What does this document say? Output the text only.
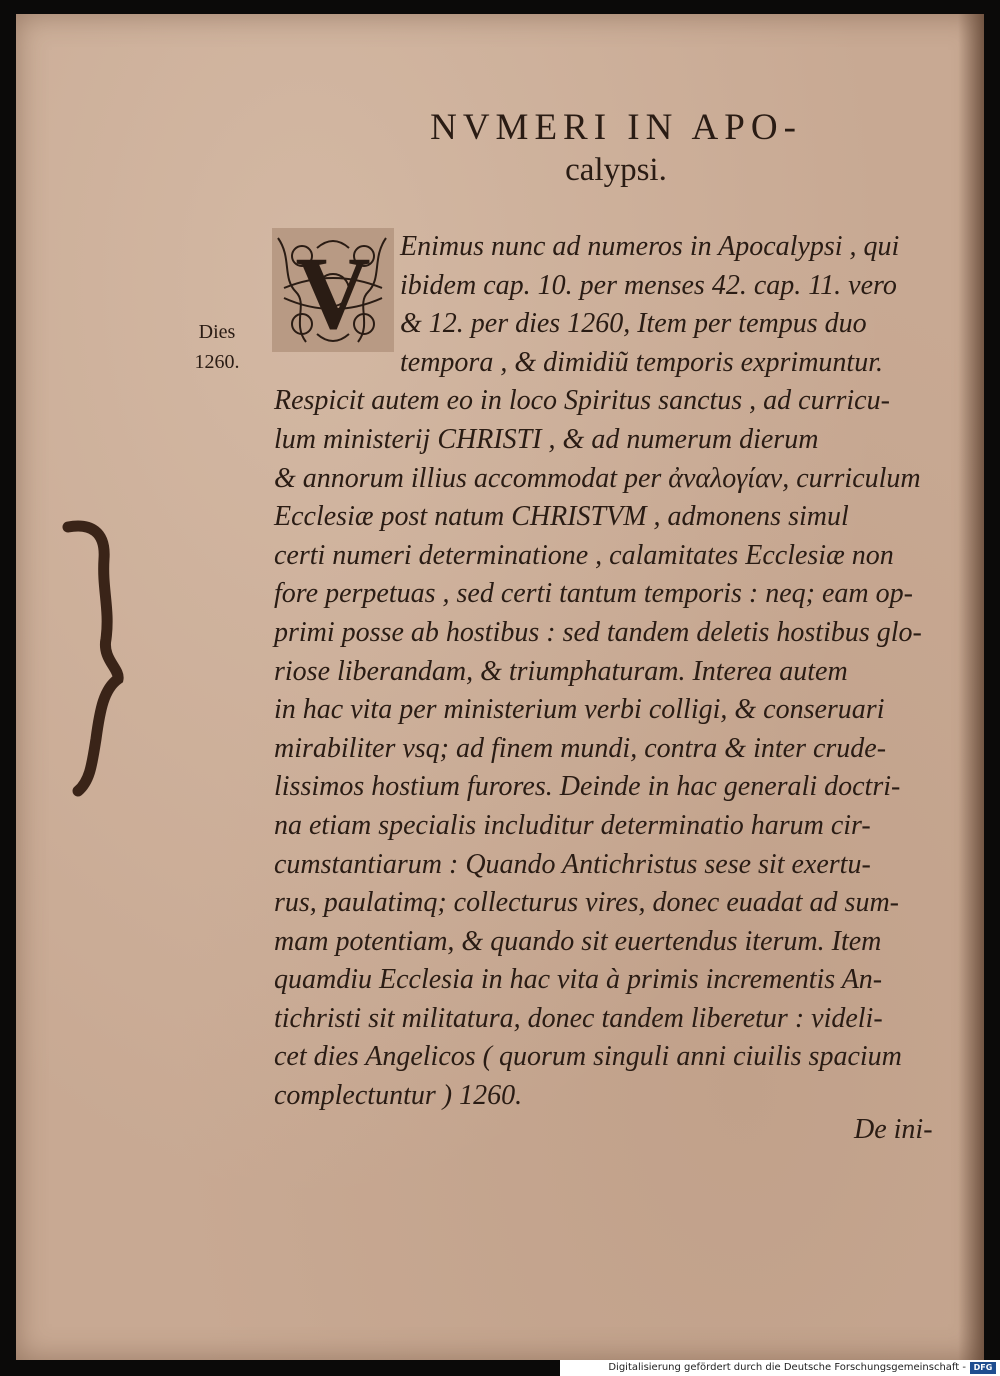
NVMERI IN APO-
calypsi.
V	Enimus nunc ad numeros in Apocalypsi , qui
ibidem cap. 10. per menses 42. cap. 11. vero
& 12. per dies 1260, Item per tempus duo
tempora , & dimidiũ temporis exprimuntur.
Respicit autem eo in loco Spiritus sanctus , ad curricu-
lum ministerij CHRISTI , & ad numerum dierum
& annorum illius accommodat per ἀναλογίαν, curriculum
Ecclesiæ post natum CHRISTVM , admonens simul
certi numeri determinatione , calamitates Ecclesiæ non
fore perpetuas , sed certi tantum temporis : neq; eam op-
primi posse ab hostibus : sed tandem deletis hostibus glo-
riose liberandam, & triumphaturam. Interea autem
in hac vita per ministerium verbi colligi, & conseruari
mirabiliter vsq; ad finem mundi, contra & inter crude-
lissimos hostium furores. Deinde in hac generali doctri-
na etiam specialis includitur determinatio harum cir-
cumstantiarum : Quando Antichristus sese sit exertu-
rus, paulatimq; collecturus vires, donec euadat ad sum-
mam potentiam, & quando sit euertendus iterum. Item
quamdiu Ecclesia in hac vita à primis incrementis An-
tichristi sit militatura, donec tandem liberetur : videli-
cet dies Angelicos ( quorum singuli anni ciuilis spacium
complectuntur ) 1260.
De ini-
Dies
1260.
Digitalisierung gefördert durch die Deutsche Forschungsgemeinschaft - DFG
